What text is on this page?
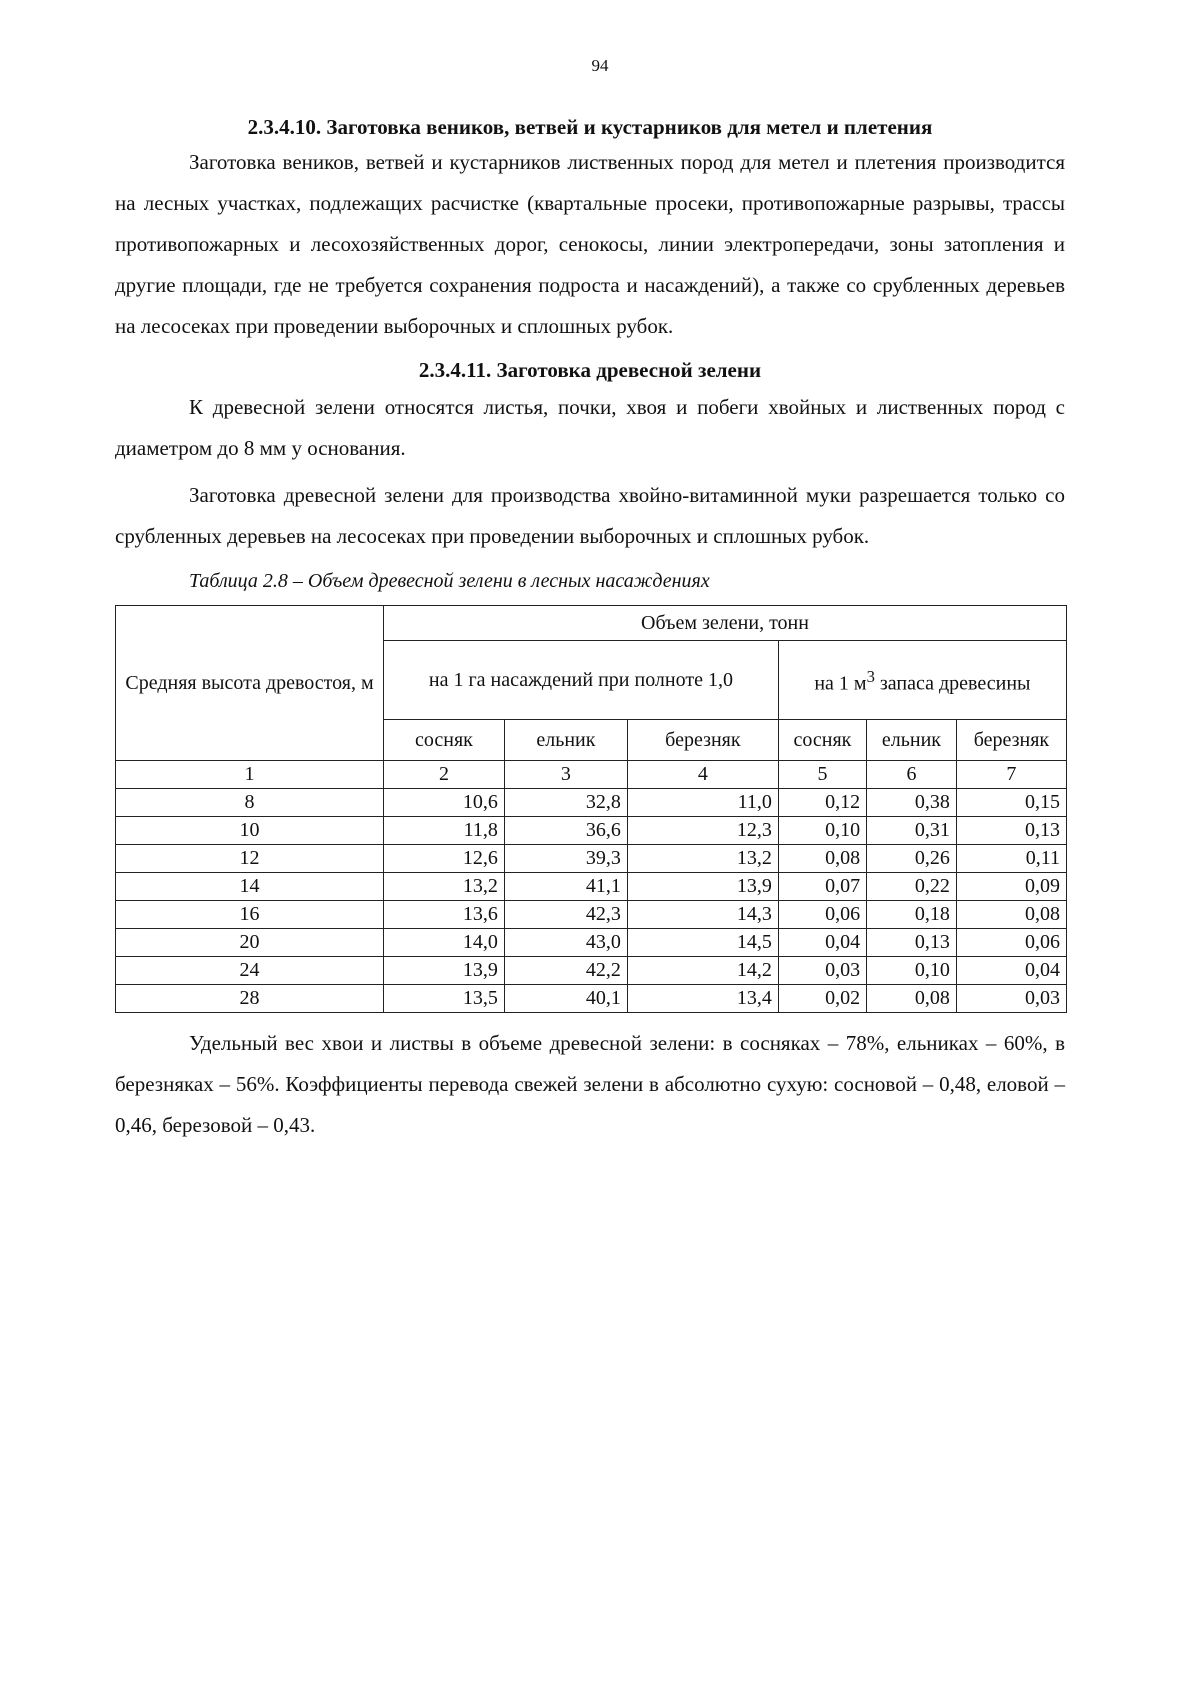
94

2.3.4.10. Заготовка веников, ветвей и кустарников для метел и плетения

Заготовка веников, ветвей и кустарников лиственных пород для метел и плетения производится на лесных участках, подлежащих расчистке (квартальные просеки, противопожарные разрывы, трассы противопожарных и лесохозяйственных дорог, сенокосы, линии электропередачи, зоны затопления и другие площади, где не требуется сохранения подроста и насаждений), а также со срубленных деревьев на лесосеках при проведении выборочных и сплошных рубок.

2.3.4.11. Заготовка древесной зелени

К древесной зелени относятся листья, почки, хвоя и побеги хвойных и лиственных пород с диаметром до 8 мм у основания.

Заготовка древесной зелени для производства хвойно-витаминной муки разрешается только со срубленных деревьев на лесосеках при проведении выборочных и сплошных рубок.

Таблица 2.8 – Объем древесной зелени в лесных насаждениях

Средняя высота древостоя, м	Объем зелени, тонн					
	на 1 га насаждений при полноте 1,0			на 1 $м^3$ запаса древесины		
	сосняк	ельник	березняк	сосняк	ельник	березняк
1	2	3	4	5	6	7
8	10,6	32,8	11,0	0,12	0,38	0,15
10	11,8	36,6	12,3	0,10	0,31	0,13
12	12,6	39,3	13,2	0,08	0,26	0,11
14	13,2	41,1	13,9	0,07	0,22	0,09
16	13,6	42,3	14,3	0,06	0,18	0,08
20	14,0	43,0	14,5	0,04	0,13	0,06
24	13,9	42,2	14,2	0,03	0,10	0,04
28	13,5	40,1	13,4	0,02	0,08	0,03

Удельный вес хвои и листвы в объеме древесной зелени: в сосняках – 78%, ельниках – 60%, в березняках – 56%. Коэффициенты перевода свежей зелени в абсолютно сухую: сосновой – 0,48, еловой – 0,46, березовой – 0,43.
